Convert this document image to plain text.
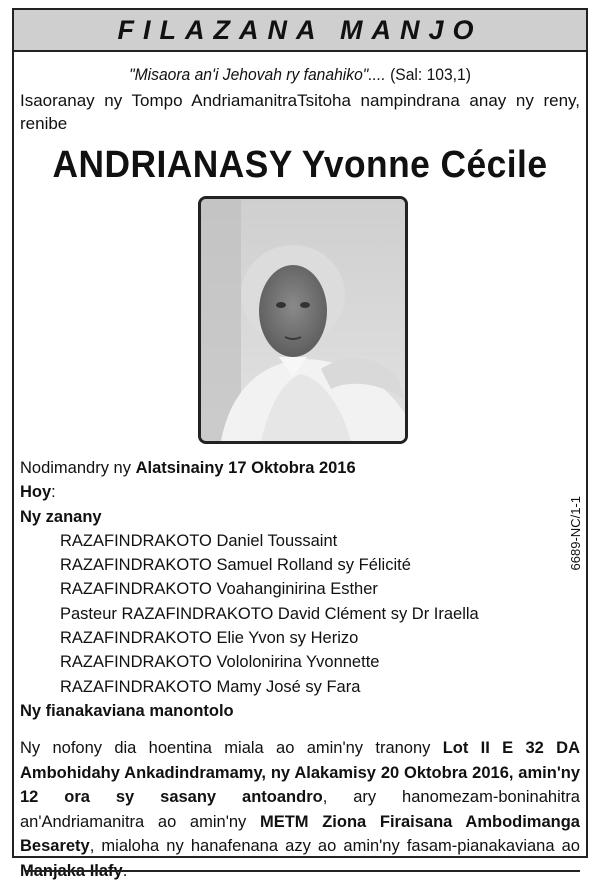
FILAZANA MANJO
"Misaora an'i Jehovah ry fanahiko".... (Sal: 103,1)
Isaoranay ny Tompo AndriamanitraTsitoha nampindrana anay ny reny, renibe
ANDRIANASY Yvonne Cécile
Nodimandry ny Alatsinainy 17 Oktobra 2016
Hoy:
Ny zanany
RAZAFINDRAKOTO Daniel Toussaint
RAZAFINDRAKOTO Samuel Rolland sy Félicité
RAZAFINDRAKOTO Voahanginirina Esther
Pasteur RAZAFINDRAKOTO David Clément sy Dr Iraella
RAZAFINDRAKOTO Elie Yvon sy Herizo
RAZAFINDRAKOTO Vololonirina Yvonnette
RAZAFINDRAKOTO Mamy José sy Fara
Ny fianakaviana manontolo
Ny nofony dia hoentina miala ao amin'ny tranony Lot II E 32 DA Ambohidahy Ankadindramamy, ny Alakamisy 20 Oktobra 2016, amin'ny 12 ora sy sasany antoandro, ary hanomezam-boninahitra an'Andriamanitra ao amin'ny METM Ziona Firaisana Ambodimanga Besarety, mialoha ny hanafenana azy ao amin'ny fasam-pianakaviana ao Manjaka Ilafy.
6689-NC/1-1
